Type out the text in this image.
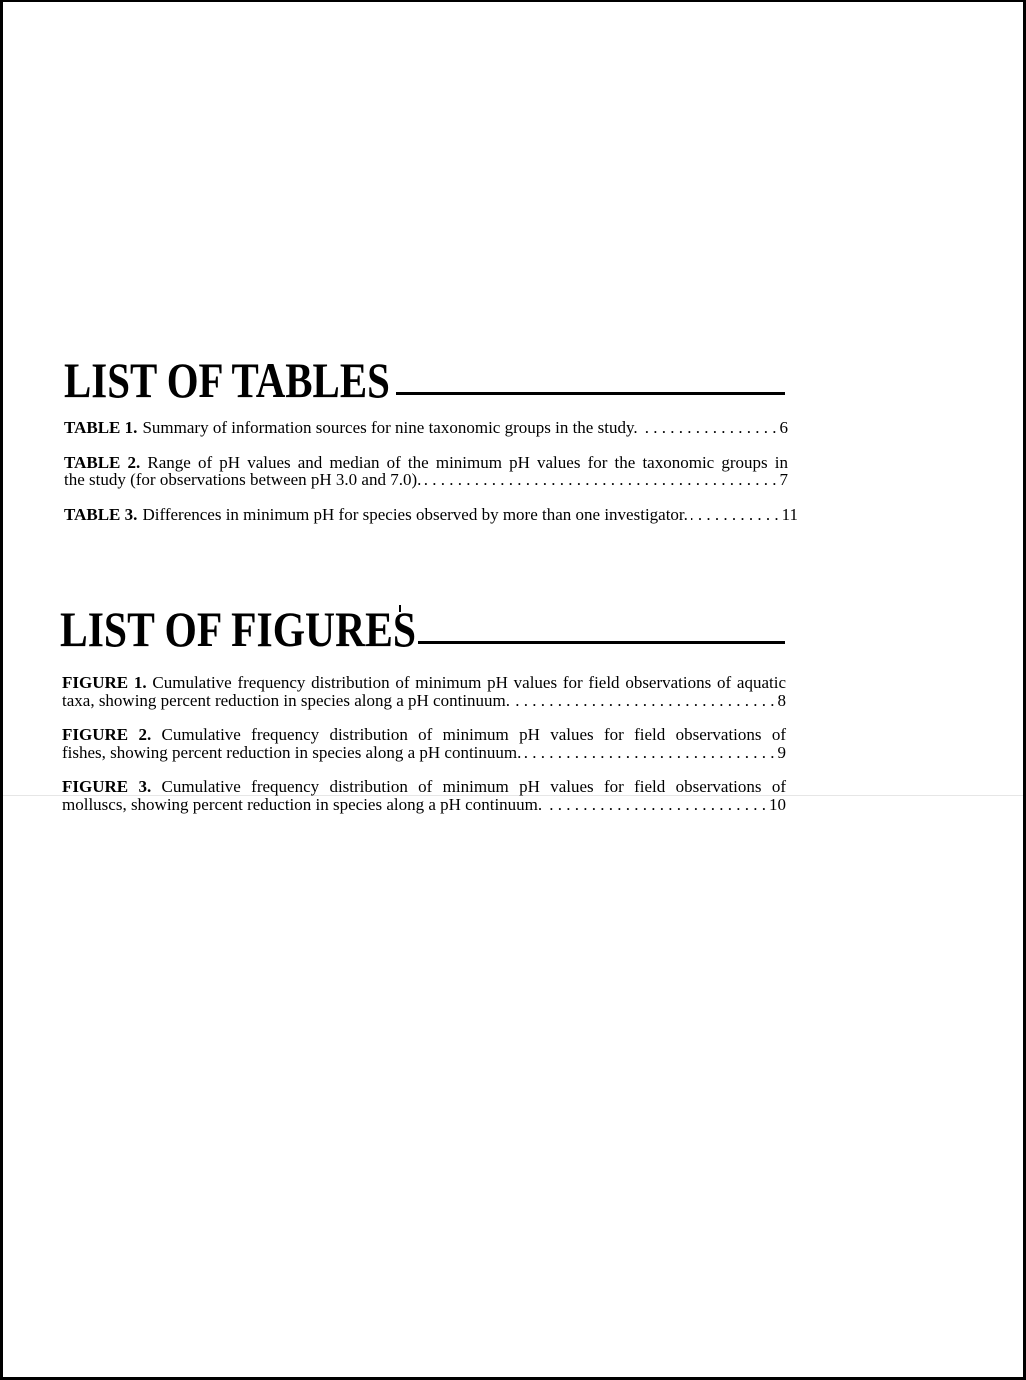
LIST OF TABLES
TABLE 1. Summary of information sources for nine taxonomic groups in the study. . . .	6
TABLE 2. Range of pH values and median of the minimum pH values for the taxonomic groups in
the study (for observations between pH 3.0 and 7.0). . . .	7
TABLE 3. Differences in minimum pH for species observed by more than one investigator. . . .	11
LIST OF FIGURES
FIGURE 1. Cumulative frequency distribution of minimum pH values for field observations of aquatic
taxa, showing percent reduction in species along a pH continuum. . . .	8
FIGURE 2. Cumulative frequency distribution of minimum pH values for field observations of
fishes, showing percent reduction in species along a pH continuum. . . .	9
FIGURE 3. Cumulative frequency distribution of minimum pH values for field observations of
molluscs, showing percent reduction in species along a pH continuum. . . .	10
